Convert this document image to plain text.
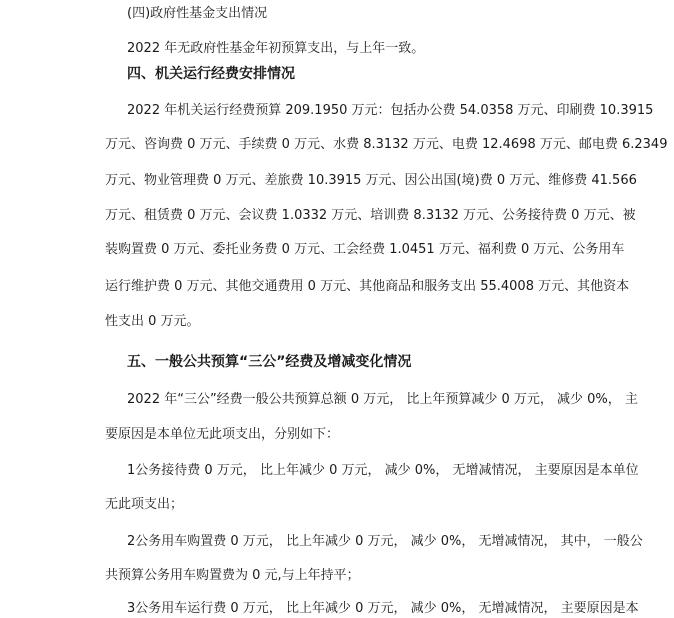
(四)政府性基金支出情况
2022 年无政府性基金年初预算支出，与上年一致。
四、机关运行经费安排情况
2022 年机关运行经费预算 209.1950 万元：包括办公费 54.0358 万元、印刷费 10.3915
万元、咨询费 0 万元、手续费 0 万元、水费 8.3132 万元、电费 12.4698 万元、邮电费 6.2349
万元、物业管理费 0 万元、差旅费 10.3915 万元、因公出国(境)费 0 万元、维修费 41.566
万元、租赁费 0 万元、会议费 1.0332 万元、培训费 8.3132 万元、公务接待费 0 万元、被
装购置费 0 万元、委托业务费 0 万元、工会经费 1.0451 万元、福利费 0 万元、公务用车
运行维护费 0 万元、其他交通费用 0 万元、其他商品和服务支出 55.4008 万元、其他资本
性支出 0 万元。
五、一般公共预算“三公”经费及增减变化情况
2022 年“三公”经费一般公共预算总额 0 万元， 比上年预算减少 0 万元， 减少 0%， 主
要原因是本单位无此项支出，分别如下：
1公务接待费 0 万元， 比上年减少 0 万元， 减少 0%， 无增减情况， 主要原因是本单位
无此项支出；
2公务用车购置费 0 万元， 比上年减少 0 万元， 减少 0%， 无增减情况， 其中， 一般公
共预算公务用车购置费为 0 元,与上年持平；
3公务用车运行费 0 万元， 比上年减少 0 万元， 减少 0%， 无增减情况， 主要原因是本
